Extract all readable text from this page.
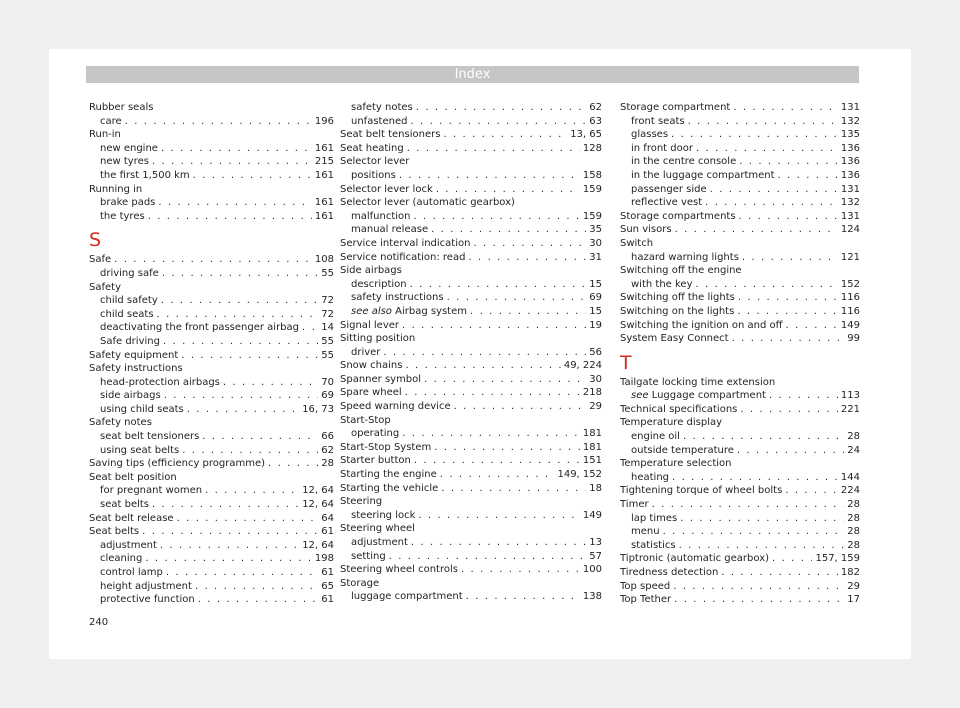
Index
Rubber seals
care . . .	196
Run-in
new engine . . .	161
new tyres . . .	215
the first 1,500 km . . .	161
Running in
brake pads . . .	161
the tyres . . .	161
S
Safe . . .	108
driving safe . . .	55
Safety
child safety . . .	72
child seats . . .	72
deactivating the front passenger airbag . . . 14
Safe driving . . .	55
Safety equipment . . .	55
Safety instructions
head-protection airbags . . .	70
side airbags . . .	69
using child seats . . .	16, 73
Safety notes
seat belt tensioners . . .	66
using seat belts . . .	62
Saving tips (efficiency programme) . . .	28
Seat belt position
for pregnant women . . .	12, 64
seat belts . . .	12, 64
Seat belt release . . .	64
Seat belts . . .	61
adjustment . . .	12, 64
cleaning . . .	198
control lamp . . .	61
height adjustment . . .	65
protective function . . .	61
safety notes . . .	62
unfastened . . .	63
Seat belt tensioners . . .	13, 65
Seat heating . . .	128
Selector lever
positions . . .	158
Selector lever lock . . .	159
Selector lever (automatic gearbox)
malfunction . . .	159
manual release . . .	35
Service interval indication . . .	30
Service notification: read . . .	31
Side airbags
description . . .	15
safety instructions . . .	69
see also Airbag system . . .	15
Signal lever . . .	19
Sitting position
driver . . .	56
Snow chains . . .	49, 224
Spanner symbol . . .	30
Spare wheel . . .	218
Speed warning device . . .	29
Start-Stop
operating . . .	181
Start-Stop System . . .	181
Starter button . . .	151
Starting the engine . . .	149, 152
Starting the vehicle . . .	18
Steering
steering lock . . .	149
Steering wheel
adjustment . . .	13
setting . . .	57
Steering wheel controls . . .	100
Storage
luggage compartment . . .	138
Storage compartment . . .	131
front seats . . .	132
glasses . . .	135
in front door . . .	136
in the centre console . . .	136
in the luggage compartment . . .	136
passenger side . . .	131
reflective vest . . .	132
Storage compartments . . .	131
Sun visors . . .	124
Switch
hazard warning lights . . .	121
Switching off the engine
with the key . . .	152
Switching off the lights . . .	116
Switching on the lights . . .	116
Switching the ignition on and off . . .	149
System Easy Connect . . .	99
T
Tailgate locking time extension
see Luggage compartment . . .	113
Technical specifications . . .	221
Temperature display
engine oil . . .	28
outside temperature . . .	24
Temperature selection
heating . . .	144
Tightening torque of wheel bolts . . .	224
Timer . . .	28
lap times . . .	28
menu . . .	28
statistics . . .	28
Tiptronic (automatic gearbox) . . .	157, 159
Tiredness detection . . .	182
Top speed . . .	29
Top Tether . . .	17
240
